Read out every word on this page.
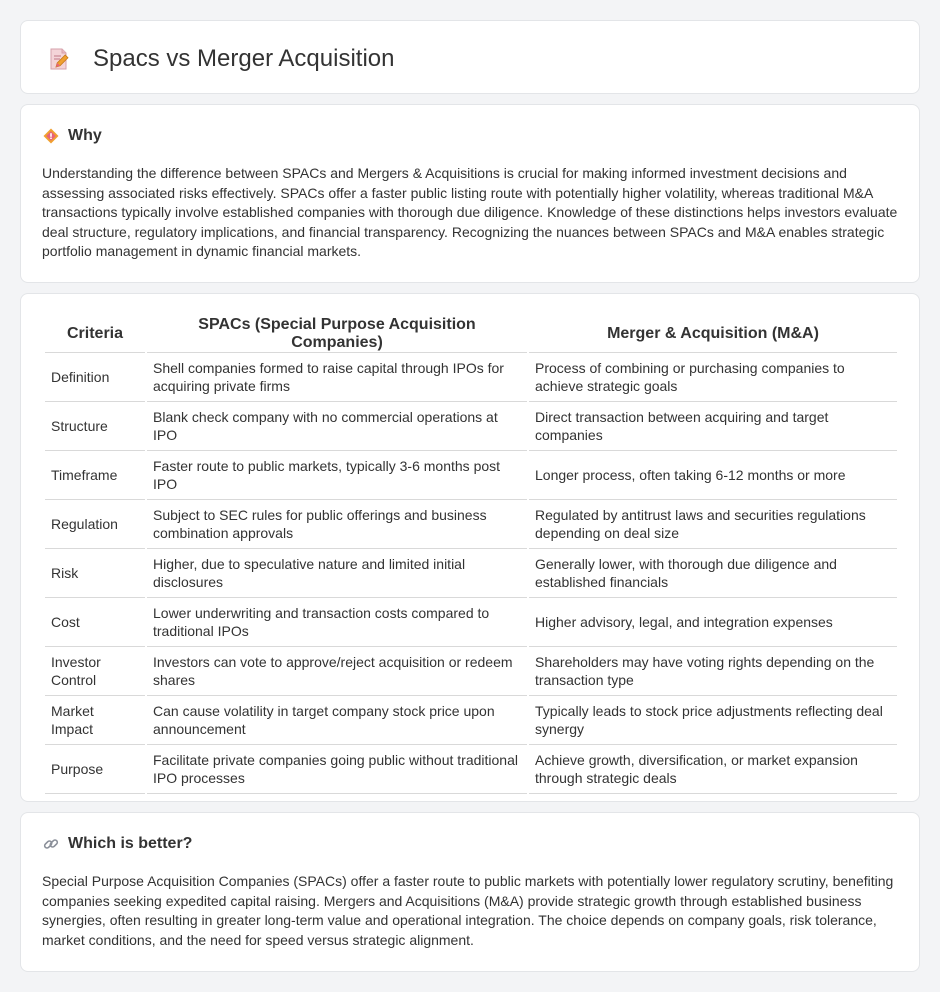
Spacs vs Merger Acquisition
Why

Understanding the difference between SPACs and Mergers & Acquisitions is crucial for making informed investment decisions and assessing associated risks effectively. SPACs offer a faster public listing route with potentially higher volatility, whereas traditional M&A transactions typically involve established companies with thorough due diligence. Knowledge of these distinctions helps investors evaluate deal structure, regulatory implications, and financial transparency. Recognizing the nuances between SPACs and M&A enables strategic portfolio management in dynamic financial markets.

Criteria	SPACs (Special Purpose Acquisition Companies)	Merger & Acquisition (M&A)
Definition	Shell companies formed to raise capital through IPOs for acquiring private firms	Process of combining or purchasing companies to achieve strategic goals
Structure	Blank check company with no commercial operations at IPO	Direct transaction between acquiring and target companies
Timeframe	Faster route to public markets, typically 3-6 months post IPO	Longer process, often taking 6-12 months or more
Regulation	Subject to SEC rules for public offerings and business combination approvals	Regulated by antitrust laws and securities regulations depending on deal size
Risk	Higher, due to speculative nature and limited initial disclosures	Generally lower, with thorough due diligence and established financials
Cost	Lower underwriting and transaction costs compared to traditional IPOs	Higher advisory, legal, and integration expenses
Investor Control	Investors can vote to approve/reject acquisition or redeem shares	Shareholders may have voting rights depending on the transaction type
Market Impact	Can cause volatility in target company stock price upon announcement	Typically leads to stock price adjustments reflecting deal synergy
Purpose	Facilitate private companies going public without traditional IPO processes	Achieve growth, diversification, or market expansion through strategic deals
Which is better?

Special Purpose Acquisition Companies (SPACs) offer a faster route to public markets with potentially lower regulatory scrutiny, benefiting companies seeking expedited capital raising. Mergers and Acquisitions (M&A) provide strategic growth through established business synergies, often resulting in greater long-term value and operational integration. The choice depends on company goals, risk tolerance, market conditions, and the need for speed versus strategic alignment.
